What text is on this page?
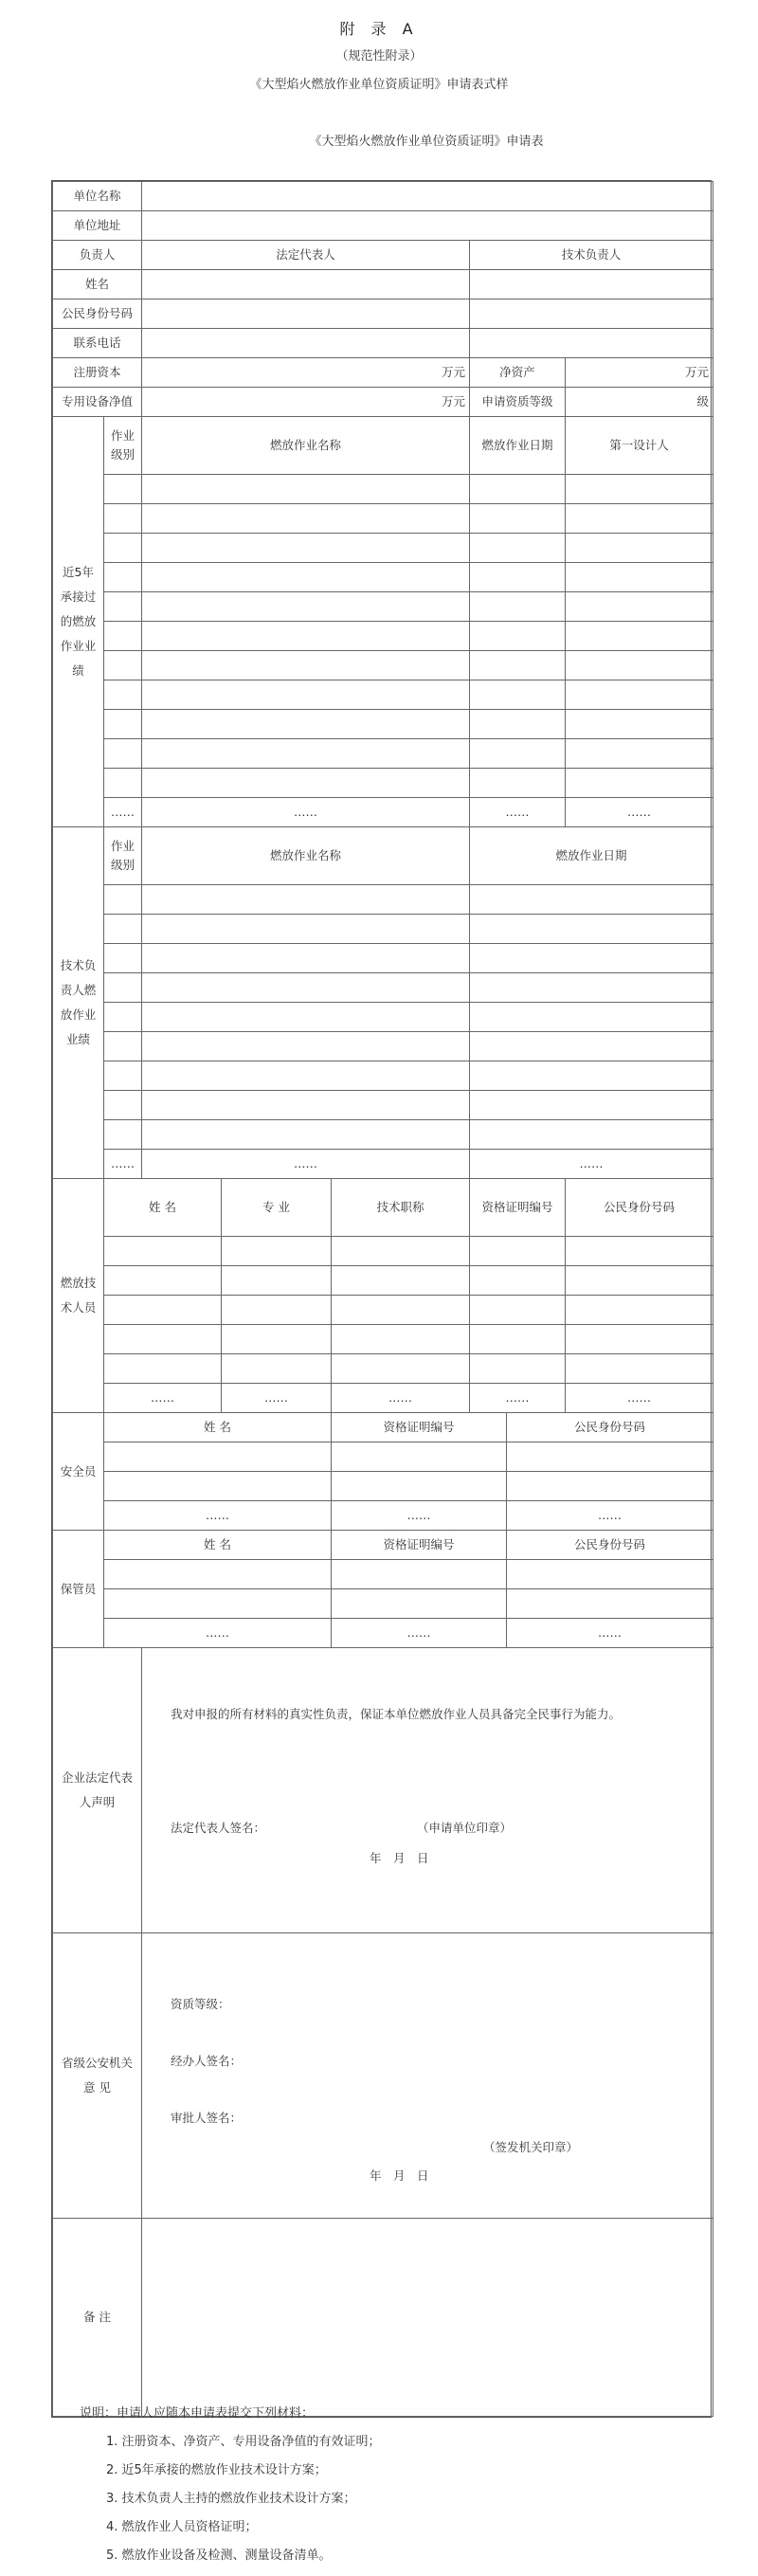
附 录 A
（规范性附录）
《大型焰火燃放作业单位资质证明》申请表式样
《大型焰火燃放作业单位资质证明》申请表
单位名称							
单位地址							
负责人		法定代表人			技术负责人		
姓名							
公民身份号码							
联系电话							
注册资本		万元			净资产		万元
专用设备净值		万元			申请资质等级		级
近5年承接过的燃放作业业绩	作业级别	燃放作业名称			燃放作业日期		第一设计人

	……	……			……		……
技术负责人燃放作业业绩	作业级别	燃放作业名称			燃放作业日期		

	……	……			……		
燃放技术人员	姓 名		专 业	技术职称	资格证明编号		公民身份号码

	……		……	……	……		……
安全员	姓 名			资格证明编号		公民身份号码	

	……			……		……	
保管员	姓 名			资格证明编号		公民身份号码	

	……			……		……	
企业法定代表人声明		我对申报的所有材料的真实性负责，保证本单位燃放作业人员具备完全民事行为能力。
法定代表人签名： （申请单位印章）
年　月　日					

省级公安机关意 见		资质等级：
经办人签名：
审批人签名：
（签发机关印章）
年　月　日					

备 注							
说明：申请人应随本申请表提交下列材料：
1. 注册资本、净资产、专用设备净值的有效证明；
2. 近5年承接的燃放作业技术设计方案；
3. 技术负责人主持的燃放作业技术设计方案；
4. 燃放作业人员资格证明；
5. 燃放作业设备及检测、测量设备清单。
